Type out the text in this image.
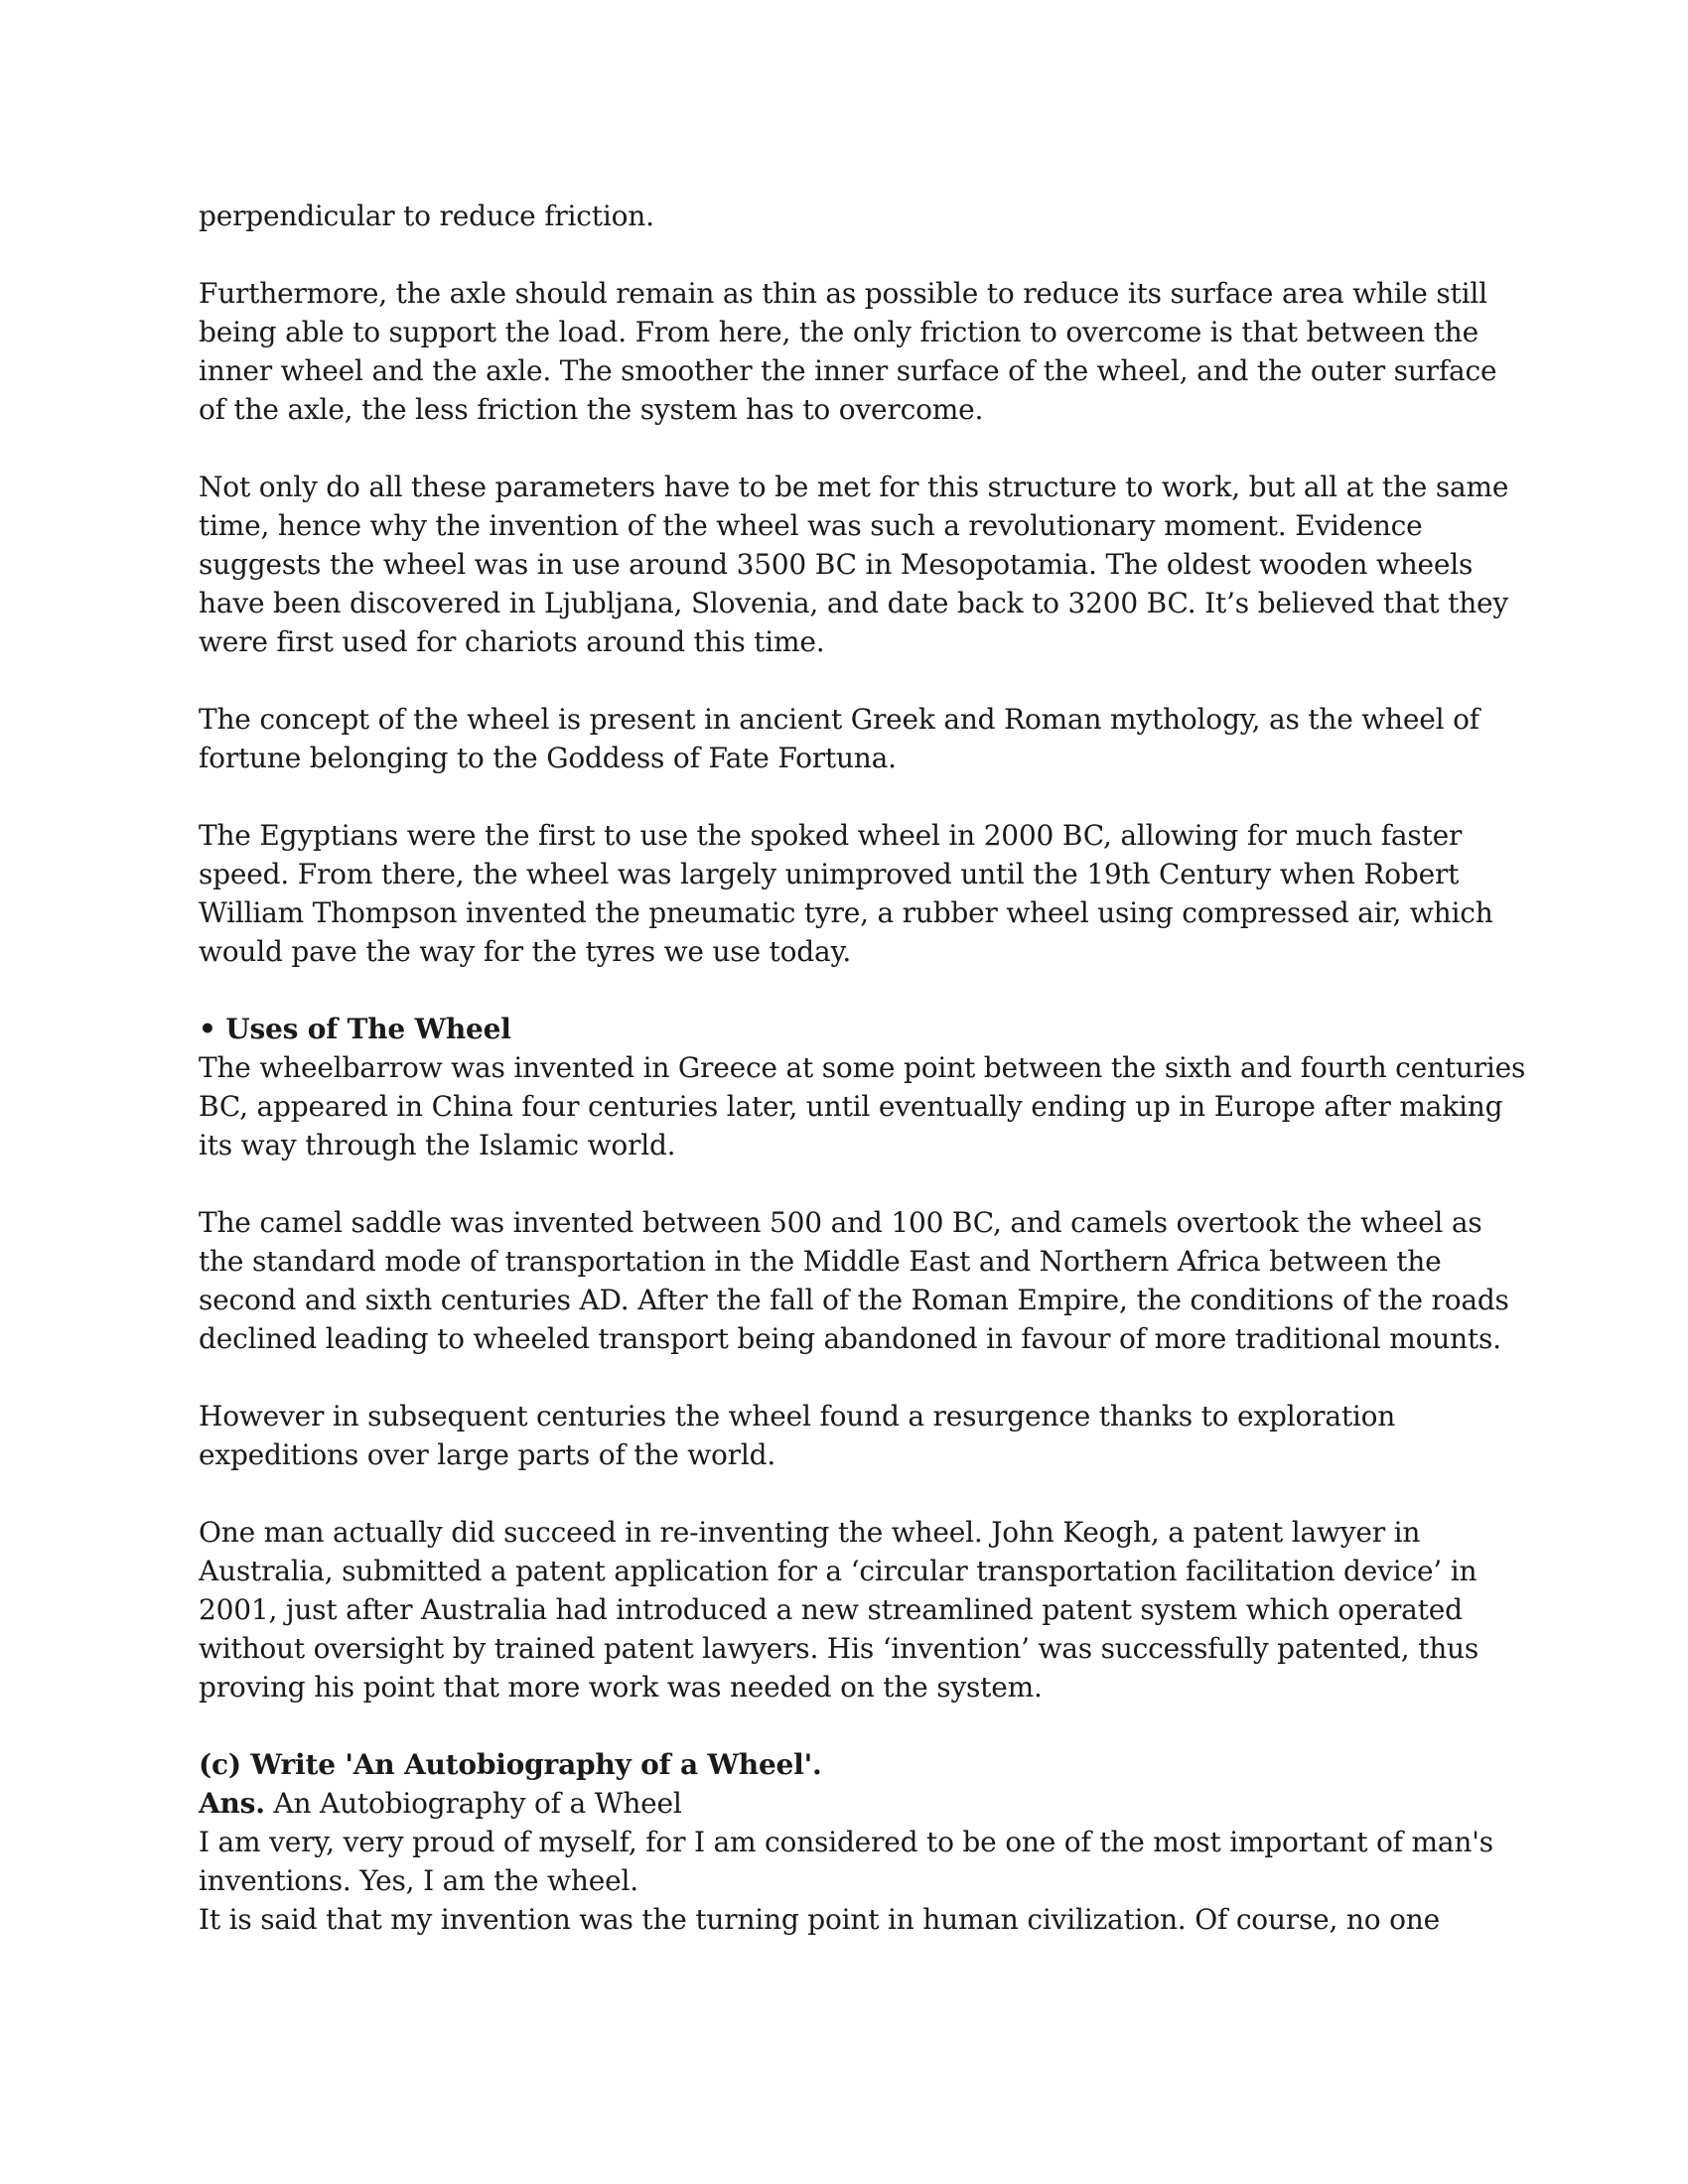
perpendicular to reduce friction.

Furthermore, the axle should remain as thin as possible to reduce its surface area while still being able to support the load. From here, the only friction to overcome is that between the inner wheel and the axle. The smoother the inner surface of the wheel, and the outer surface of the axle, the less friction the system has to overcome.

Not only do all these parameters have to be met for this structure to work, but all at the same time, hence why the invention of the wheel was such a revolutionary moment. Evidence suggests the wheel was in use around 3500 BC in Mesopotamia. The oldest wooden wheels have been discovered in Ljubljana, Slovenia, and date back to 3200 BC. It’s believed that they were first used for chariots around this time.

The concept of the wheel is present in ancient Greek and Roman mythology, as the wheel of fortune belonging to the Goddess of Fate Fortuna.

The Egyptians were the first to use the spoked wheel in 2000 BC, allowing for much faster speed. From there, the wheel was largely unimproved until the 19th Century when Robert William Thompson invented the pneumatic tyre, a rubber wheel using compressed air, which would pave the way for the tyres we use today.

• Uses of The Wheel

The wheelbarrow was invented in Greece at some point between the sixth and fourth centuries BC, appeared in China four centuries later, until eventually ending up in Europe after making its way through the Islamic world.

The camel saddle was invented between 500 and 100 BC, and camels overtook the wheel as the standard mode of transportation in the Middle East and Northern Africa between the second and sixth centuries AD. After the fall of the Roman Empire, the conditions of the roads declined leading to wheeled transport being abandoned in favour of more traditional mounts.

However in subsequent centuries the wheel found a resurgence thanks to exploration expeditions over large parts of the world.

One man actually did succeed in re-inventing the wheel. John Keogh, a patent lawyer in Australia, submitted a patent application for a ‘circular transportation facilitation device’ in 2001, just after Australia had introduced a new streamlined patent system which operated without oversight by trained patent lawyers. His ‘invention’ was successfully patented, thus proving his point that more work was needed on the system.

(c) Write 'An Autobiography of a Wheel'.

Ans. An Autobiography of a Wheel

I am very, very proud of myself, for I am considered to be one of the most important of man's inventions. Yes, I am the wheel.

It is said that my invention was the turning point in human civilization. Of course, no one
